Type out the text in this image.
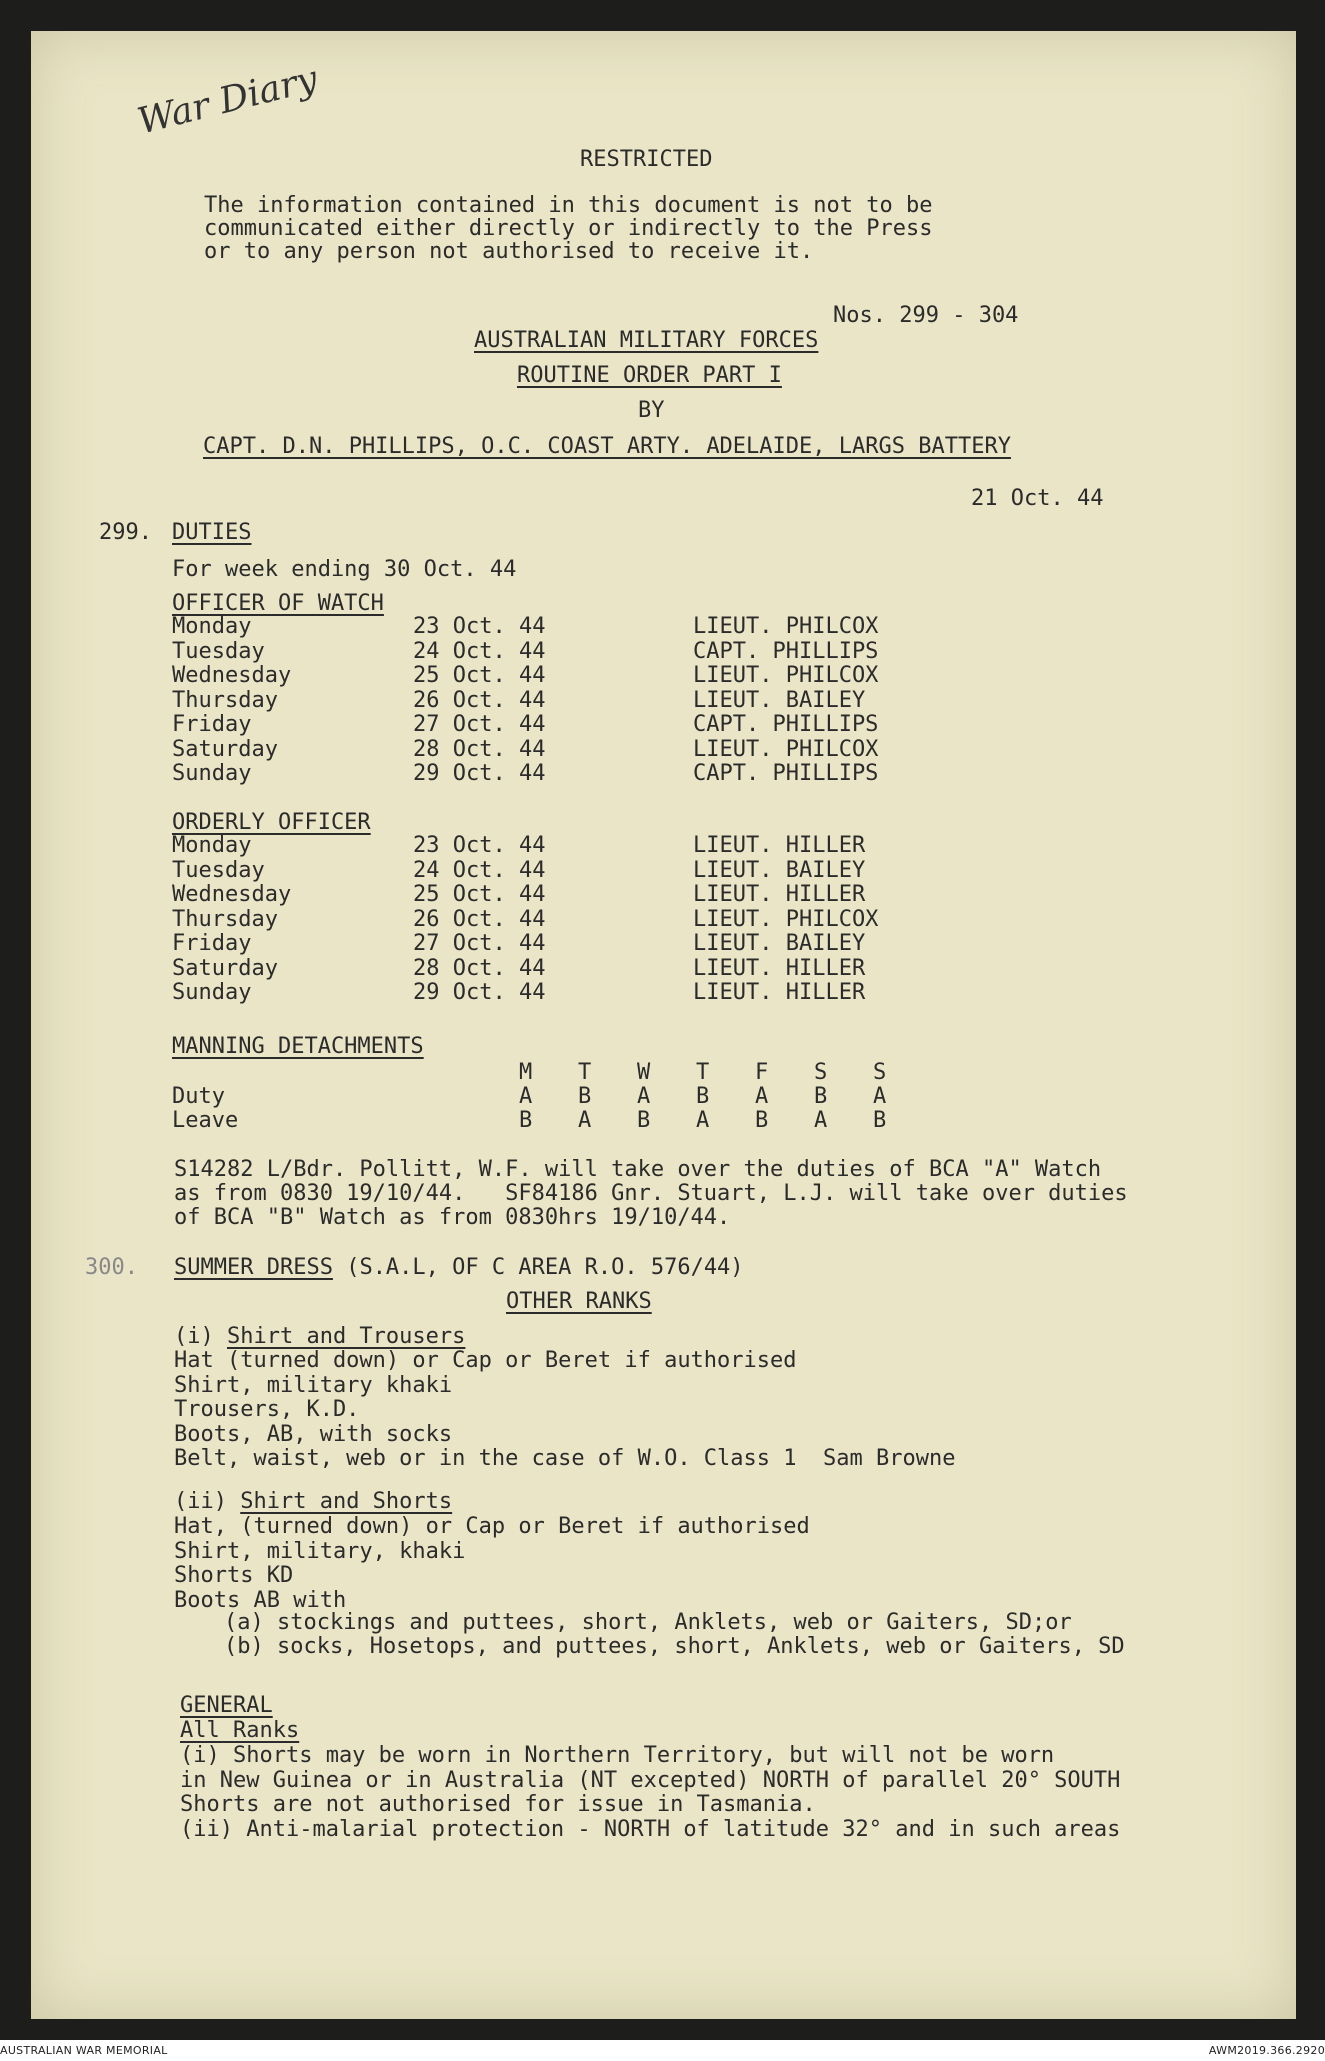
War Diary
RESTRICTED
The information contained in this document is not to be
communicated either directly or indirectly to the Press
or to any person not authorised to receive it.
Nos. 299 - 304
AUSTRALIAN MILITARY FORCES
ROUTINE ORDER PART I
BY
CAPT. D.N. PHILLIPS, O.C. COAST ARTY. ADELAIDE, LARGS BATTERY
21 Oct. 44
299. DUTIES
For week ending 30 Oct. 44
OFFICER OF WATCH
Monday	23 Oct. 44	LIEUT. PHILCOX
Tuesday	24 Oct. 44	CAPT. PHILLIPS
Wednesday	25 Oct. 44	LIEUT. PHILCOX
Thursday	26 Oct. 44	LIEUT. BAILEY
Friday	27 Oct. 44	CAPT. PHILLIPS
Saturday	28 Oct. 44	LIEUT. PHILCOX
Sunday	29 Oct. 44	CAPT. PHILLIPS
ORDERLY OFFICER
Monday	23 Oct. 44	LIEUT. HILLER
Tuesday	24 Oct. 44	LIEUT. BAILEY
Wednesday	25 Oct. 44	LIEUT. HILLER
Thursday	26 Oct. 44	LIEUT. PHILCOX
Friday	27 Oct. 44	LIEUT. BAILEY
Saturday	28 Oct. 44	LIEUT. HILLER
Sunday	29 Oct. 44	LIEUT. HILLER
MANNING DETACHMENTS
M T W T F S S
Duty	A B A B A B A
Leave	B A B A B A B
S14282 L/Bdr. Pollitt, W.F. will take over the duties of BCA "A" Watch
as from 0830 19/10/44.   SF84186 Gnr. Stuart, L.J. will take over duties
of BCA "B" Watch as from 0830hrs 19/10/44.
300. SUMMER DRESS (S.A.L, OF C AREA R.O. 576/44)
OTHER RANKS
(i) Shirt and Trousers
Hat (turned down) or Cap or Beret if authorised
Shirt, military khaki
Trousers, K.D.
Boots, AB, with socks
Belt, waist, web or in the case of W.O. Class 1  Sam Browne
(ii) Shirt and Shorts
Hat, (turned down) or Cap or Beret if authorised
Shirt, military, khaki
Shorts KD
Boots AB with
(a) stockings and puttees, short, Anklets, web or Gaiters, SD;or
(b) socks, Hosetops, and puttees, short, Anklets, web or Gaiters, SD
GENERAL
All Ranks
(i) Shorts may be worn in Northern Territory, but will not be worn
in New Guinea or in Australia (NT excepted) NORTH of parallel 20° SOUTH
Shorts are not authorised for issue in Tasmania.
(ii) Anti-malarial protection - NORTH of latitude 32° and in such areas
AUSTRALIAN WAR MEMORIAL	AWM2019.366.2920
